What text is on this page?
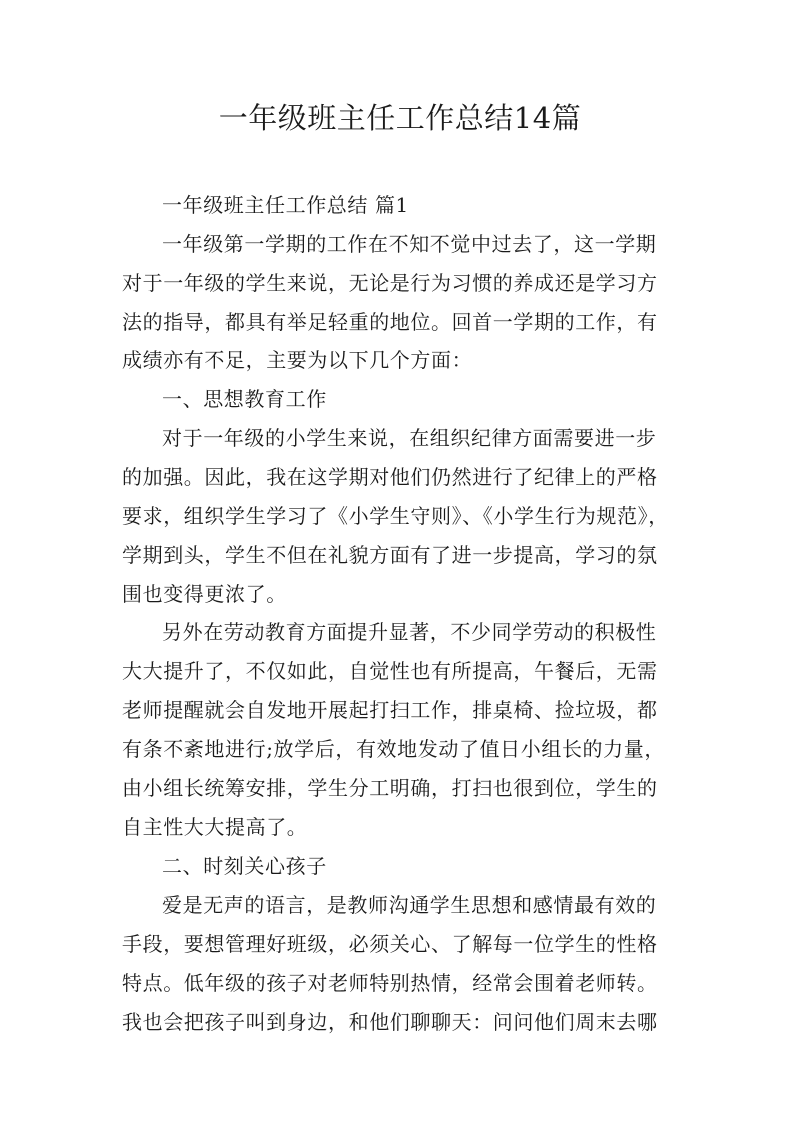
一年级班主任工作总结14篇
一年级班主任工作总结 篇1
一年级第一学期的工作在不知不觉中过去了，这一学期
对于一年级的学生来说，无论是行为习惯的养成还是学习方
法的指导，都具有举足轻重的地位。回首一学期的工作，有
成绩亦有不足，主要为以下几个方面：
一、思想教育工作
对于一年级的小学生来说，在组织纪律方面需要进一步
的加强。因此，我在这学期对他们仍然进行了纪律上的严格
要求，组织学生学习了《小学生守则》、《小学生行为规范》，
学期到头，学生不但在礼貌方面有了进一步提高，学习的氛
围也变得更浓了。
另外在劳动教育方面提升显著，不少同学劳动的积极性
大大提升了，不仅如此，自觉性也有所提高，午餐后，无需
老师提醒就会自发地开展起打扫工作，排桌椅、捡垃圾，都
有条不紊地进行;放学后，有效地发动了值日小组长的力量，
由小组长统筹安排，学生分工明确，打扫也很到位，学生的
自主性大大提高了。
二、时刻关心孩子
爱是无声的语言，是教师沟通学生思想和感情最有效的
手段，要想管理好班级，必须关心、了解每一位学生的性格
特点。低年级的孩子对老师特别热情，经常会围着老师转。
我也会把孩子叫到身边，和他们聊聊天：问问他们周末去哪
